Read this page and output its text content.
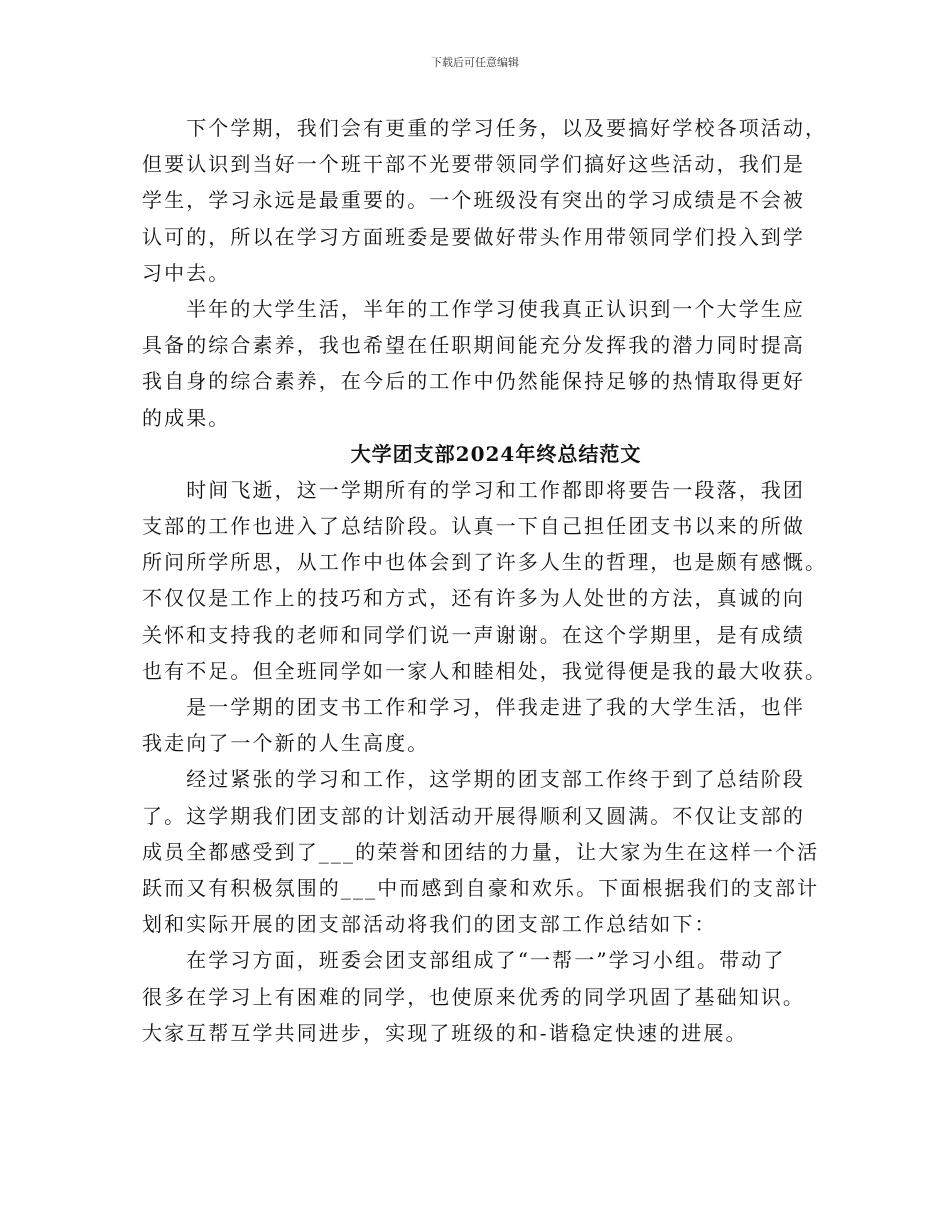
下载后可任意编辑
　　下个学期，我们会有更重的学习任务，以及要搞好学校各项活动，
但要认识到当好一个班干部不光要带领同学们搞好这些活动，我们是
学生，学习永远是最重要的。一个班级没有突出的学习成绩是不会被
认可的，所以在学习方面班委是要做好带头作用带领同学们投入到学
习中去。
　　半年的大学生活，半年的工作学习使我真正认识到一个大学生应
具备的综合素养，我也希望在任职期间能充分发挥我的潜力同时提高
我自身的综合素养，在今后的工作中仍然能保持足够的热情取得更好
的成果。
大学团支部2024年终总结范文
　　时间飞逝，这一学期所有的学习和工作都即将要告一段落，我团
支部的工作也进入了总结阶段。认真一下自己担任团支书以来的所做
所问所学所思，从工作中也体会到了许多人生的哲理，也是颇有感慨。
不仅仅是工作上的技巧和方式，还有许多为人处世的方法，真诚的向
关怀和支持我的老师和同学们说一声谢谢。在这个学期里，是有成绩
也有不足。但全班同学如一家人和睦相处，我觉得便是我的最大收获。
　　是一学期的团支书工作和学习，伴我走进了我的大学生活，也伴
我走向了一个新的人生高度。
　　经过紧张的学习和工作，这学期的团支部工作终于到了总结阶段
了。这学期我们团支部的计划活动开展得顺利又圆满。不仅让支部的
成员全都感受到了___的荣誉和团结的力量，让大家为生在这样一个活
跃而又有积极氛围的___中而感到自豪和欢乐。下面根据我们的支部计
划和实际开展的团支部活动将我们的团支部工作总结如下：
　　在学习方面，班委会团支部组成了“一帮一”学习小组。带动了
很多在学习上有困难的同学，也使原来优秀的同学巩固了基础知识。
大家互帮互学共同进步，实现了班级的和-谐稳定快速的进展。
